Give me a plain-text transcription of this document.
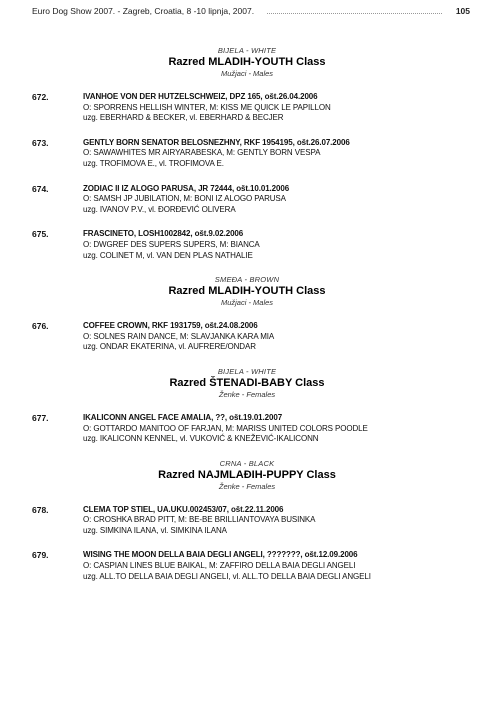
Euro Dog Show 2007. - Zagreb, Croatia, 8 -10 lipnja, 2007.	105
BIJELA - WHITE
Razred MLADIH-YOUTH Class
Mužjaci - Males
672.	IVANHOE VON DER HUTZELSCHWEIZ, DPZ 165, ošt.26.04.2006
O: SPORRENS HELLISH WINTER, M: KISS ME QUICK LE PAPILLON
uzg. EBERHARD & BECKER, vl. EBERHARD & BECJER
673.	GENTLY BORN SENATOR BELOSNEZHNY, RKF 1954195, ošt.26.07.2006
O: SAWAWHITES MR AIRYARABESKA, M: GENTLY BORN VESPA
uzg. TROFIMOVA E., vl. TROFIMOVA E.
674.	ZODIAC II IZ ALOGO PARUSA, JR 72444, ošt.10.01.2006
O: SAMSH JP JUBILATION, M: BONI IZ ALOGO PARUSA
uzg. IVANOV P.V., vl. ĐORĐEVIĆ OLIVERA
675.	FRASCINETO, LOSH1002842, ošt.9.02.2006
O: DWGREF DES SUPERS SUPERS, M: BIANCA
uzg. COLINET M, vl. VAN DEN PLAS NATHALIE
SMEĐA - BROWN
Razred MLADIH-YOUTH Class
Mužjaci - Males
676.	COFFEE CROWN, RKF 1931759, ošt.24.08.2006
O: SOLNES RAIN DANCE, M: SLAVJANKA KARA MIA
uzg. ONDAR EKATERINA, vl. AUFRERE/ONDAR
BIJELA - WHITE
Razred ŠTENADI-BABY Class
Ženke - Females
677.	IKALICONN ANGEL FACE AMALIA, ??, ošt.19.01.2007
O: GOTTARDO MANITOO OF FARJAN, M: MARISS UNITED COLORS POODLE
uzg. IKALICONN KENNEL, vl. VUKOVIĆ & KNEŽEVIĆ-IKALICONN
CRNA - BLACK
Razred NAJMLAĐIH-PUPPY Class
Ženke - Females
678.	CLEMA TOP STIEL, UA.UKU.002453/07, ošt.22.11.2006
O: CROSHKA BRAD PITT, M: BE-BE BRILLIANTOVAYA BUSINKA
uzg. SIMKINA ILANA, vl. SIMKINA ILANA
679.	WISING THE MOON DELLA BAIA DEGLI ANGELI, ???????, ošt.12.09.2006
O: CASPIAN LINES BLUE BAIKAL, M: ZAFFIRO DELLA BAIA DEGLI ANGELI
uzg. ALL.TO DELLA BAIA DEGLI ANGELI, vl. ALL.TO DELLA BAIA DEGLI ANGELI
